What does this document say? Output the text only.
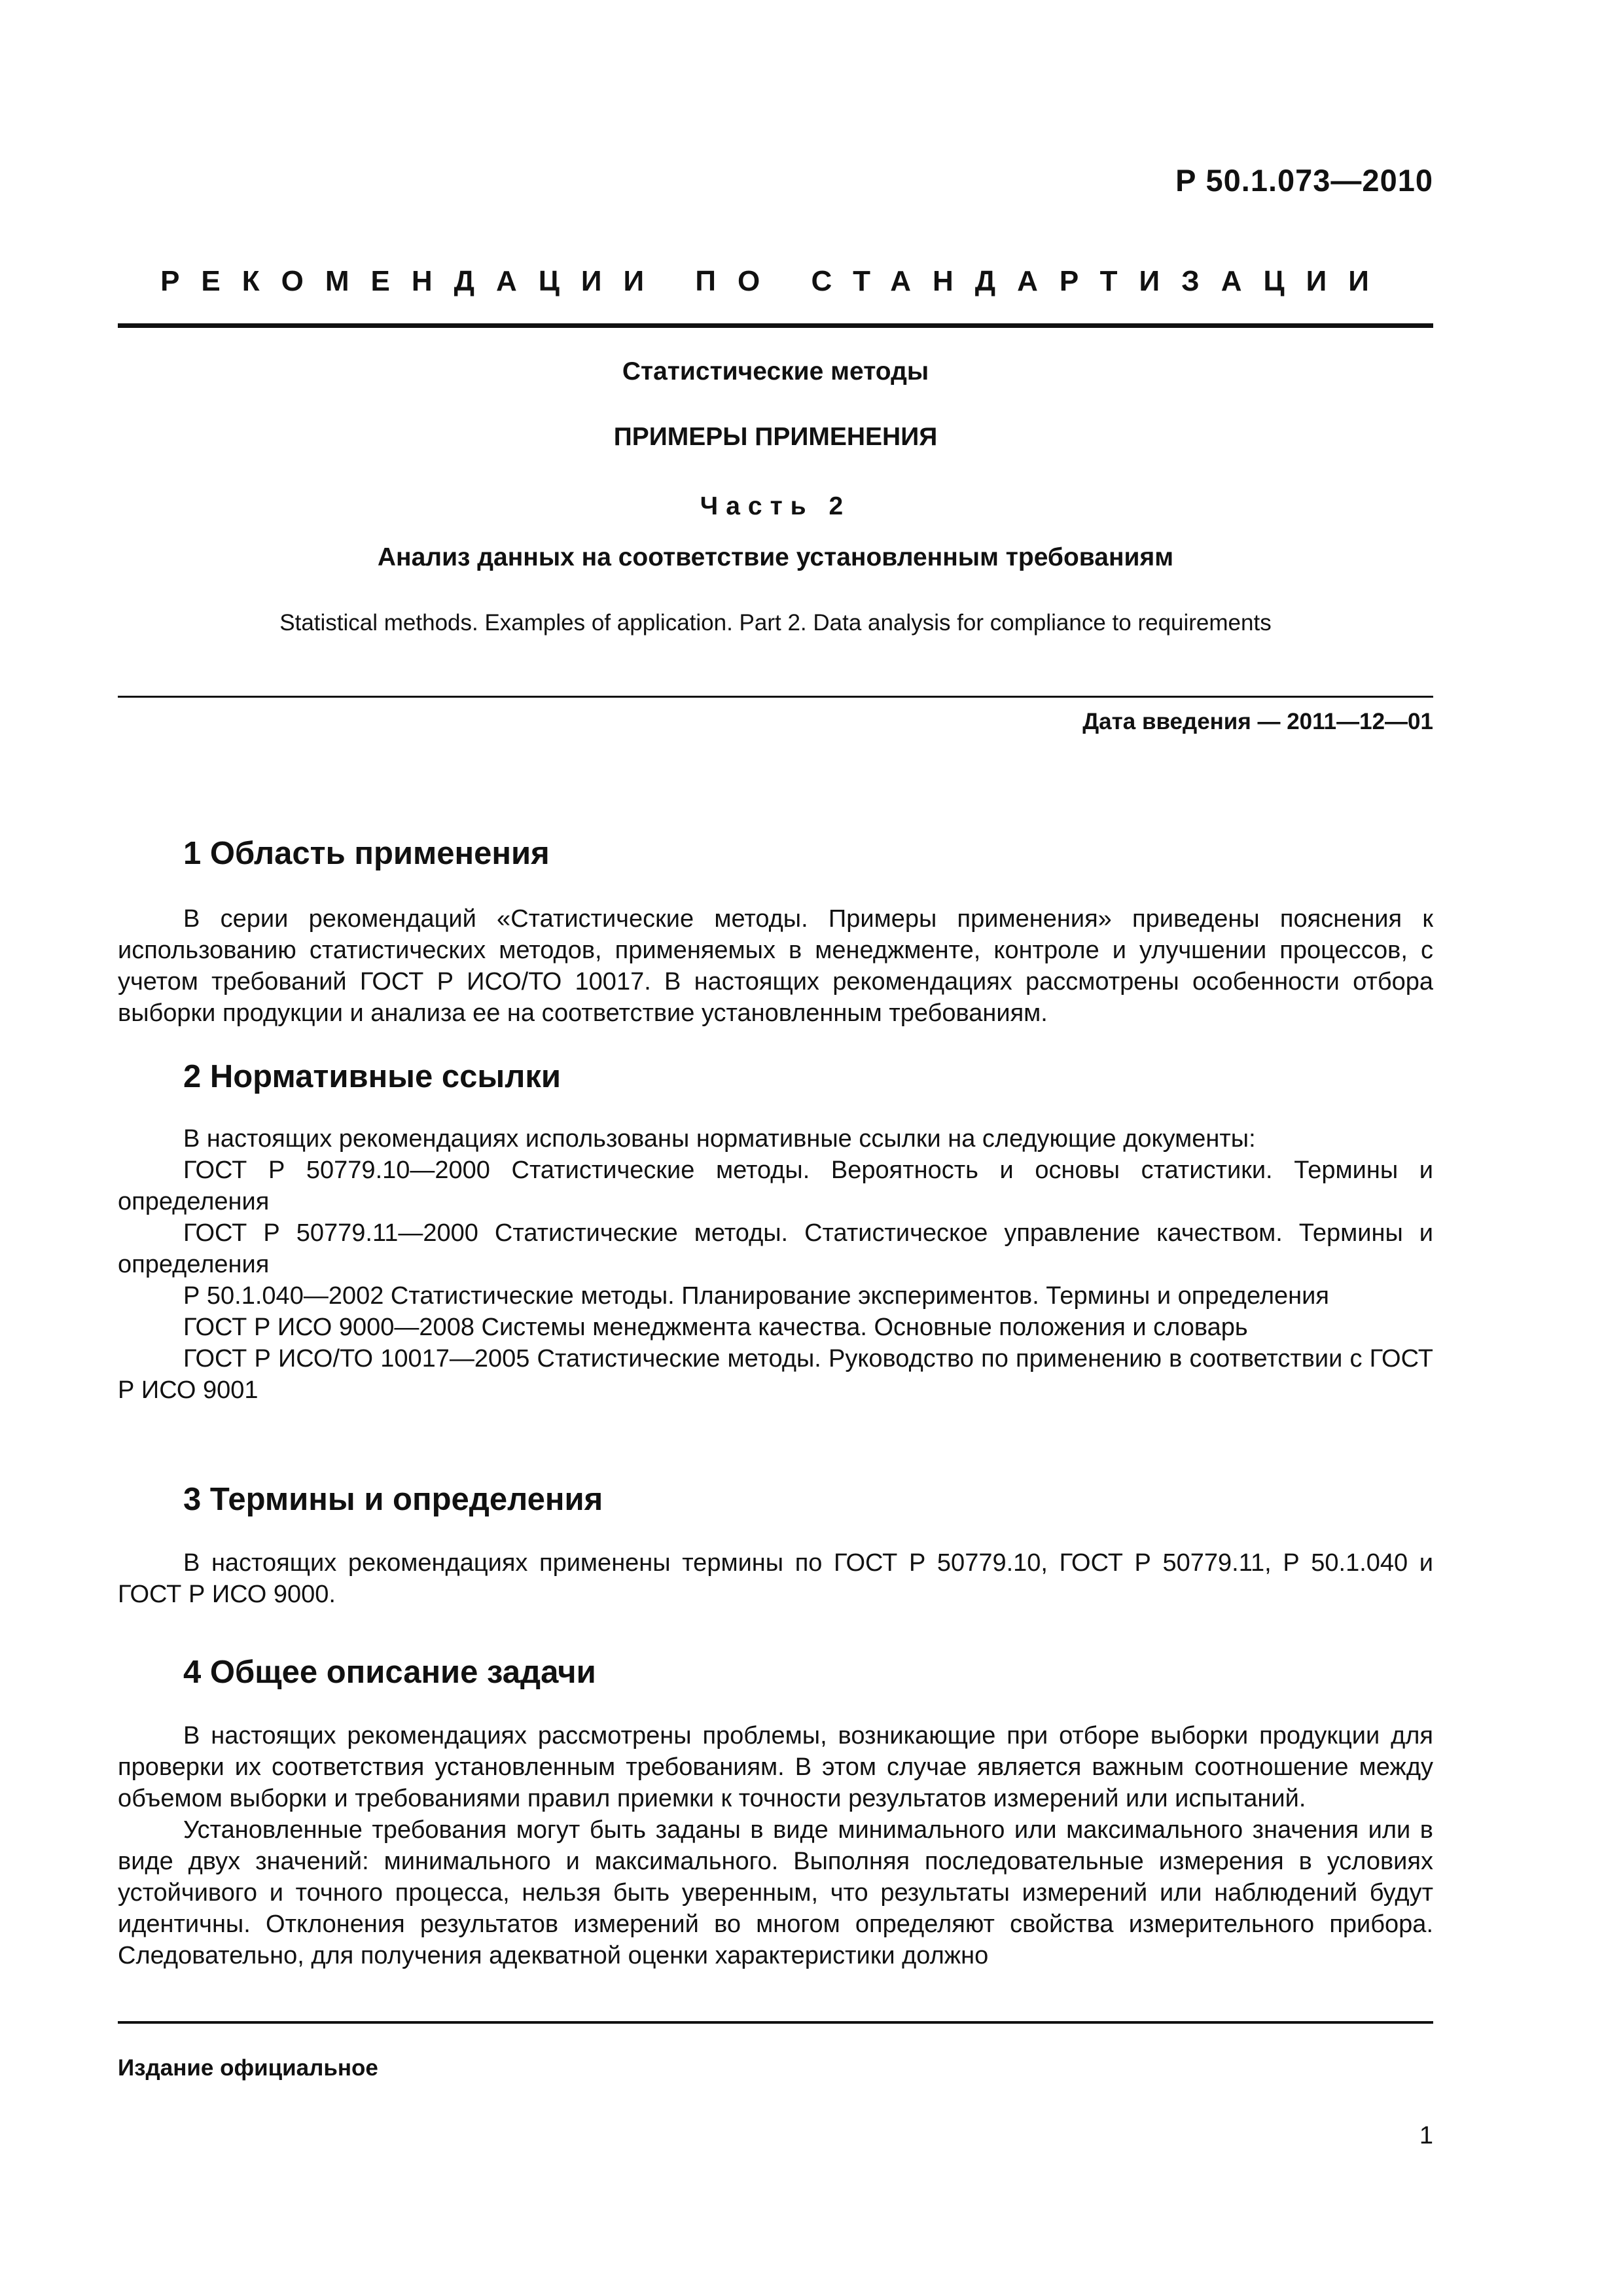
Р 50.1.073—2010
РЕКОМЕНДАЦИИ ПО СТАНДАРТИЗАЦИИ
Статистические методы
ПРИМЕРЫ ПРИМЕНЕНИЯ
Часть 2
Анализ данных на соответствие установленным требованиям
Statistical methods. Examples of application. Part 2. Data analysis for compliance to requirements
Дата введения — 2011—12—01
1 Область применения

В серии рекомендаций «Статистические методы. Примеры применения» приведены пояснения к использованию статистических методов, применяемых в менеджменте, контроле и улучшении процессов, с учетом требований ГОСТ Р ИСО/ТО 10017. В настоящих рекомендациях рассмотрены особенности отбора выборки продукции и анализа ее на соответствие установленным требованиям.

2 Нормативные ссылки

В настоящих рекомендациях использованы нормативные ссылки на следующие документы:

ГОСТ Р 50779.10—2000 Статистические методы. Вероятность и основы статистики. Термины и определения

ГОСТ Р 50779.11—2000 Статистические методы. Статистическое управление качеством. Термины и определения

Р 50.1.040—2002 Статистические методы. Планирование экспериментов. Термины и определения

ГОСТ Р ИСО 9000—2008 Системы менеджмента качества. Основные положения и словарь

ГОСТ Р ИСО/ТО 10017—2005 Статистические методы. Руководство по применению в соответствии с ГОСТ Р ИСО 9001

3 Термины и определения

В настоящих рекомендациях применены термины по ГОСТ Р 50779.10, ГОСТ Р 50779.11, Р 50.1.040 и ГОСТ Р ИСО 9000.

4 Общее описание задачи

В настоящих рекомендациях рассмотрены проблемы, возникающие при отборе выборки продукции для проверки их соответствия установленным требованиям. В этом случае является важным соотношение между объемом выборки и требованиями правил приемки к точности результатов измерений или испытаний.

Установленные требования могут быть заданы в виде минимального или максимального значения или в виде двух значений: минимального и максимального. Выполняя последовательные измерения в условиях устойчивого и точного процесса, нельзя быть уверенным, что результаты измерений или наблюдений будут идентичны. Отклонения результатов измерений во многом определяют свойства измерительного прибора. Следовательно, для получения адекватной оценки характеристики должно

Издание официальное
1
